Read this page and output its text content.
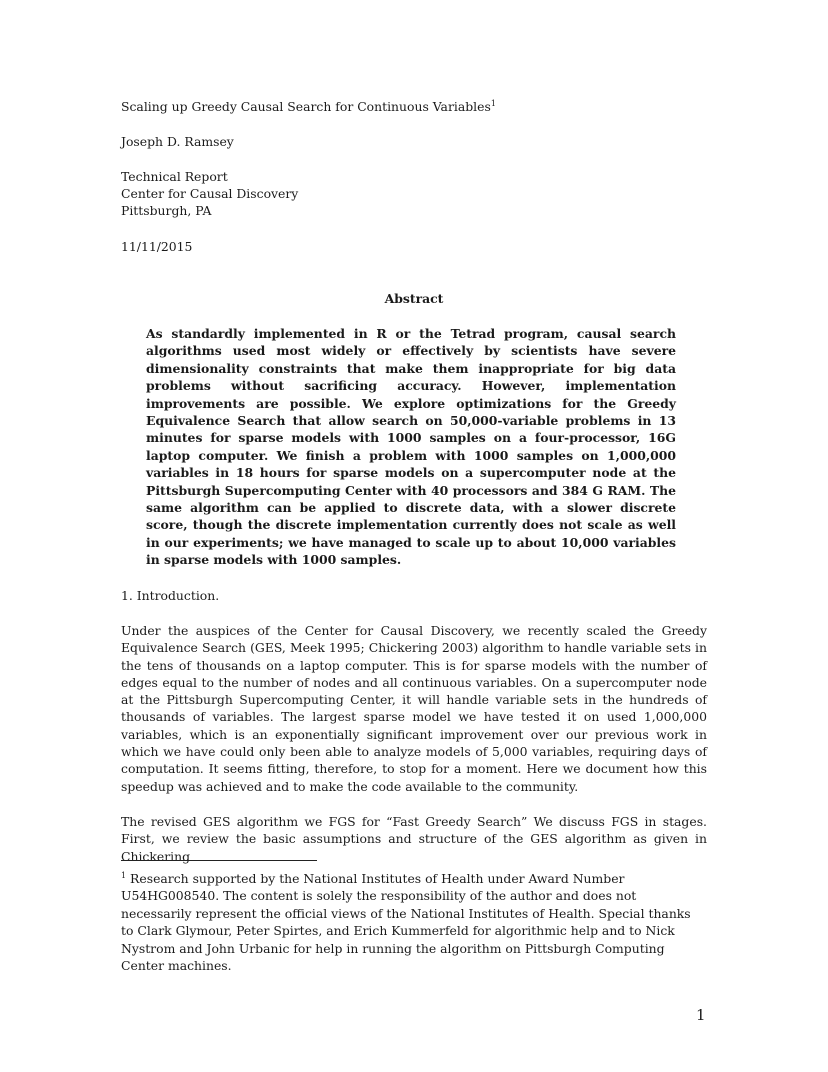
Scaling up Greedy Causal Search for Continuous Variables$^1$
Joseph D. Ramsey
Technical Report
Center for Causal Discovery
Pittsburgh, PA
11/11/2015
Abstract
As standardly implemented in R or the Tetrad program, causal search algorithms used most widely or effectively by scientists have severe dimensionality constraints that make them inappropriate for big data problems without sacrificing accuracy. However, implementation improvements are possible. We explore optimizations for the Greedy Equivalence Search that allow search on 50,000-variable problems in 13 minutes for sparse models with 1000 samples on a four-processor, 16G laptop computer. We finish a problem with 1000 samples on 1,000,000 variables in 18 hours for sparse models on a supercomputer node at the Pittsburgh Supercomputing Center with 40 processors and 384 G RAM. The same algorithm can be applied to discrete data, with a slower discrete score, though the discrete implementation currently does not scale as well in our experiments; we have managed to scale up to about 10,000 variables in sparse models with 1000 samples.
1. Introduction.
Under the auspices of the Center for Causal Discovery, we recently scaled the Greedy Equivalence Search (GES, Meek 1995; Chickering 2003) algorithm to handle variable sets in the tens of thousands on a laptop computer. This is for sparse models with the number of edges equal to the number of nodes and all continuous variables. On a supercomputer node at the Pittsburgh Supercomputing Center, it will handle variable sets in the hundreds of thousands of variables. The largest sparse model we have tested it on used 1,000,000 variables, which is an exponentially significant improvement over our previous work in which we have could only been able to analyze models of 5,000 variables, requiring days of computation. It seems fitting, therefore, to stop for a moment. Here we document how this speedup was achieved and to make the code available to the community.
The revised GES algorithm we FGS for “Fast Greedy Search” We discuss FGS in stages. First, we review the basic assumptions and structure of the GES algorithm as given in Chickering
$^1$ Research supported by the National Institutes of Health under Award Number U54HG008540. The content is solely the responsibility of the author and does not necessarily represent the official views of the National Institutes of Health. Special thanks to Clark Glymour, Peter Spirtes, and Erich Kummerfeld for algorithmic help and to Nick Nystrom and John Urbanic for help in running the algorithm on Pittsburgh Computing Center machines.
1
